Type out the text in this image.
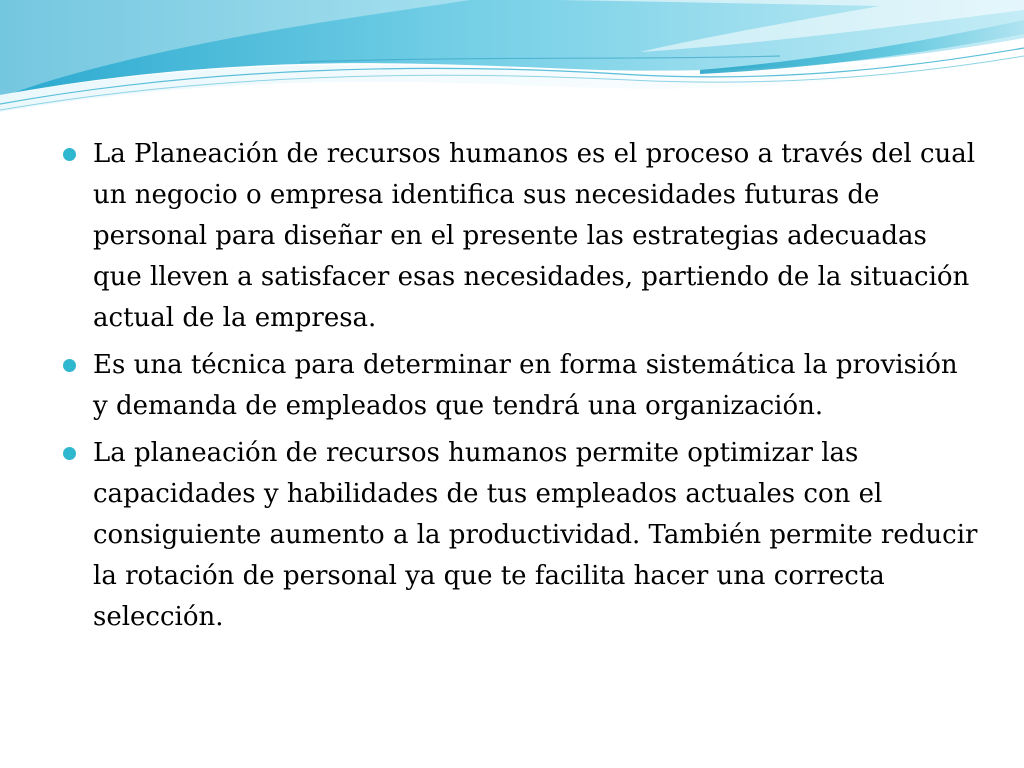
La Planeación de recursos humanos es el proceso a través del cual un negocio o empresa identifica sus necesidades futuras de personal para diseñar en el presente las estrategias adecuadas que lleven a satisfacer esas necesidades, partiendo de la situación actual de la empresa.
Es una técnica para determinar en forma sistemática la provisión y demanda de empleados que tendrá una organización.
La planeación de recursos humanos permite optimizar las capacidades y habilidades de tus empleados actuales con el consiguiente aumento a la productividad. También permite reducir la rotación de personal ya que te facilita hacer una correcta selección.
